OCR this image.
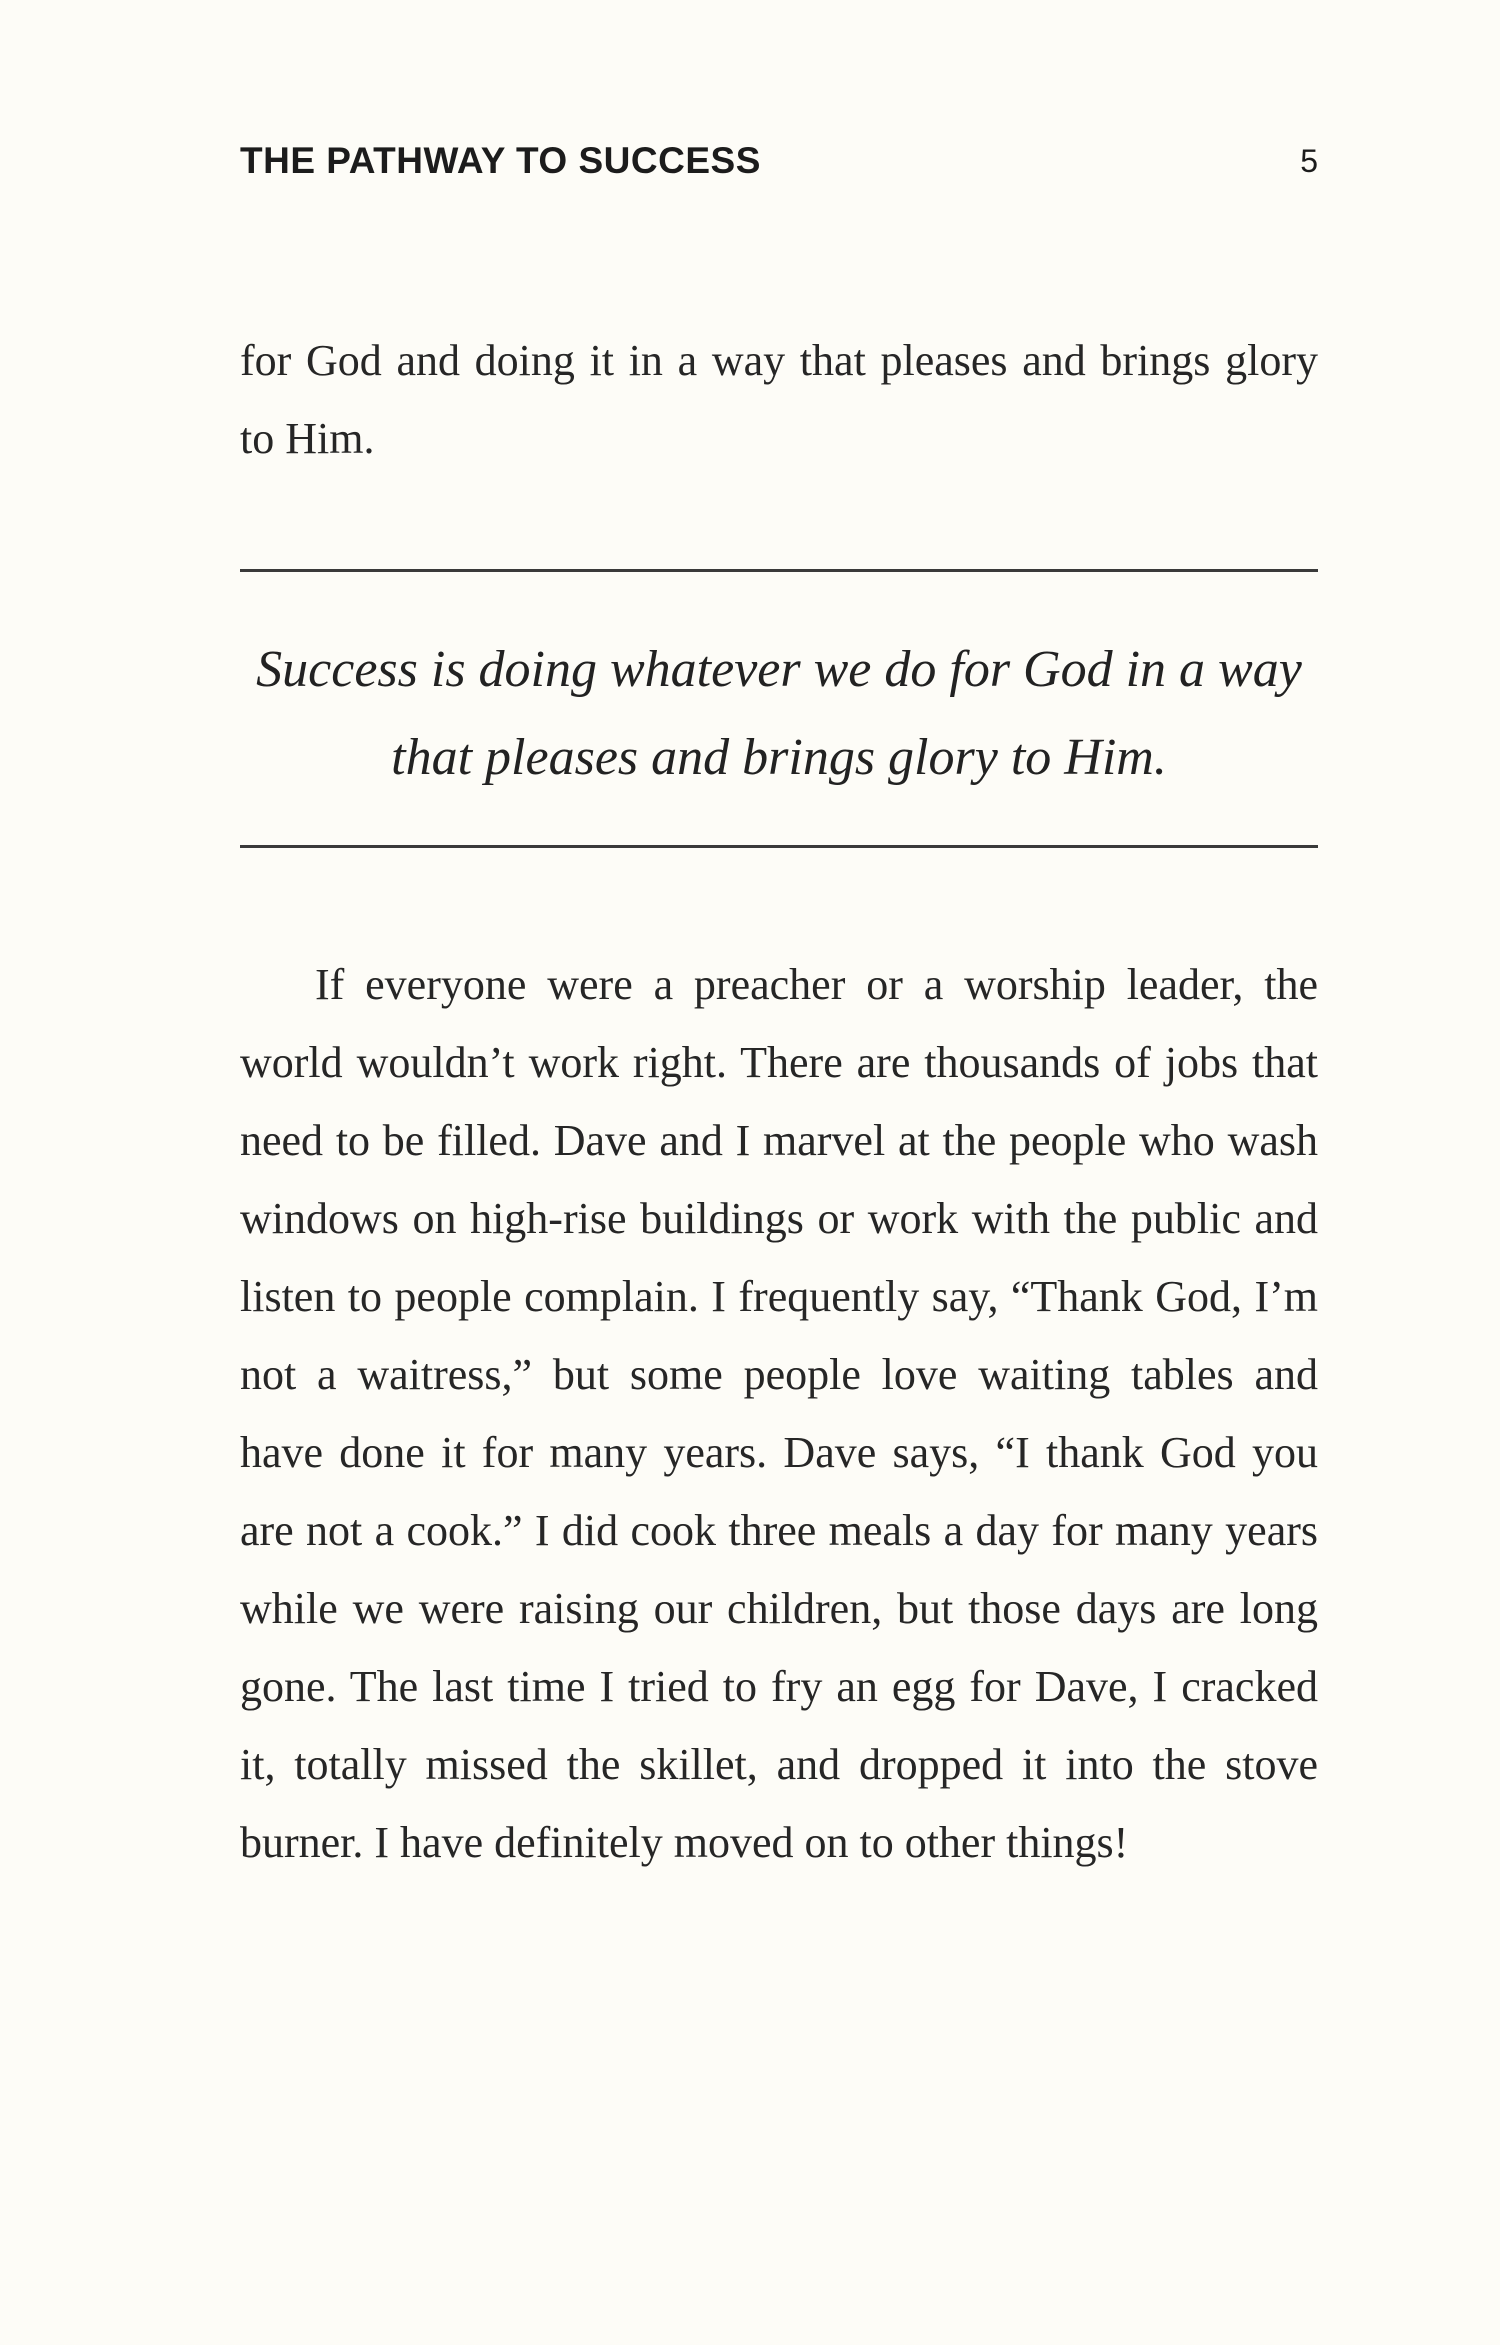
THE PATHWAY TO SUCCESS	5

for God and doing it in a way that pleases and brings glory to Him.

Success is doing whatever we do for God in a way that pleases and brings glory to Him.

If everyone were a preacher or a worship leader, the world wouldn’t work right. There are thousands of jobs that need to be filled. Dave and I marvel at the people who wash windows on high-rise buildings or work with the public and listen to people complain. I frequently say, “Thank God, I’m not a waitress,” but some people love waiting tables and have done it for many years. Dave says, “I thank God you are not a cook.” I did cook three meals a day for many years while we were raising our children, but those days are long gone. The last time I tried to fry an egg for Dave, I cracked it, totally missed the skillet, and dropped it into the stove burner. I have definitely moved on to other things!
